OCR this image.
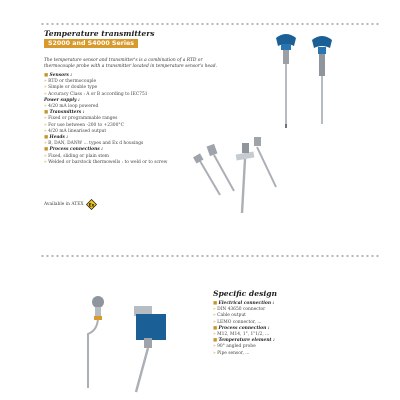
Temperature transmitters
S2000 and S4000 Series
The temperature sensor and transmitter's is a combination of a RTD or thermocouple probe with a transmitter located in temperature sensor's head.
■ Sensors :
» RTD or thermocouple
» Simple or double type
» Accuracy Class : A or B according to IEC751
Power supply :
» 4/20 mA loop powered
■ Transmitters :
» Fixed or programmable ranges
» For use between -200 to +2300°C
» 4/20 mA linearised output
■ Heads :
» B, DAN, DANW ... types and Ex d housings
■ Process connections :
» Fixed, sliding or plain stem
» Welded or barstock thermowells : to weld or to screw
Available in ATEX Ex
Specific design
■ Electrical connection :
» DIN 43650 connector
» Cable output
» LEMO connector, ...
■ Process connection :
» M12, M14, 1", 1"1/2, ...
■ Temperature element :
» 90° angled probe
» Pipe sensor, ...
